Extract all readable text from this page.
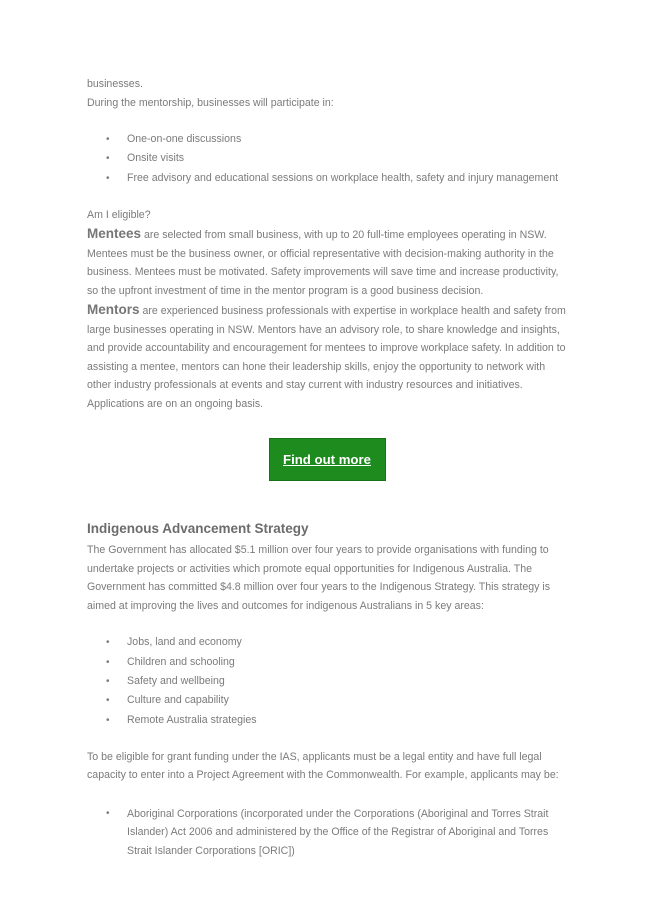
businesses.

During the mentorship, businesses will participate in:

• One-on-one discussions
• Onsite visits
• Free advisory and educational sessions on workplace health, safety and injury management

Am I eligible?

Mentees are selected from small business, with up to 20 full-time employees operating in NSW.

Mentees must be the business owner, or official representative with decision-making authority in the business. Mentees must be motivated. Safety improvements will save time and increase productivity, so the upfront investment of time in the mentor program is a good business decision.

Mentors are experienced business professionals with expertise in workplace health and safety from

large businesses operating in NSW. Mentors have an advisory role, to share knowledge and insights, and provide accountability and encouragement for mentees to improve workplace safety. In addition to assisting a mentee, mentors can hone their leadership skills, enjoy the opportunity to network with other industry professionals at events and stay current with industry resources and initiatives.

Applications are on an ongoing basis.

Find out more
Indigenous Advancement Strategy

The Government has allocated $5.1 million over four years to provide organisations with funding to undertake projects or activities which promote equal opportunities for Indigenous Australia. The Government has committed $4.8 million over four years to the Indigenous Strategy. This strategy is aimed at improving the lives and outcomes for indigenous Australians in 5 key areas:

• Jobs, land and economy
• Children and schooling
• Safety and wellbeing
• Culture and capability
• Remote Australia strategies

To be eligible for grant funding under the IAS, applicants must be a legal entity and have full legal capacity to enter into a Project Agreement with the Commonwealth. For example, applicants may be:

• Aboriginal Corporations (incorporated under the Corporations (Aboriginal and Torres Strait Islander) Act 2006 and administered by the Office of the Registrar of Aboriginal and Torres Strait Islander Corporations [ORIC])
